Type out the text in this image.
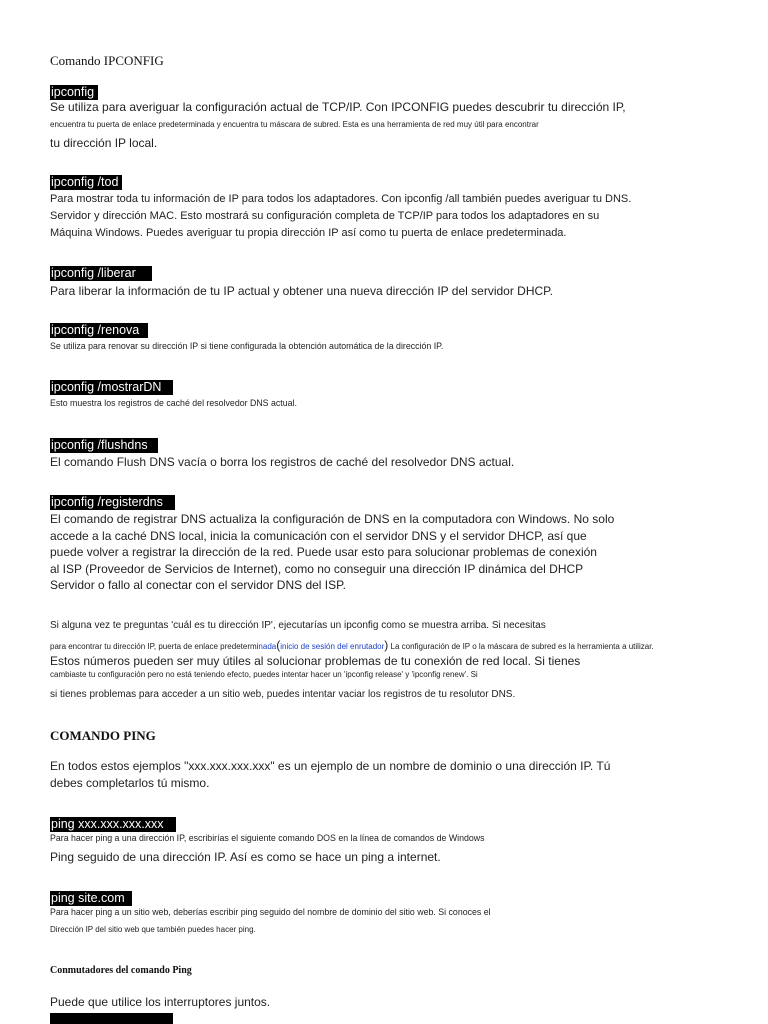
Comando IPCONFIG
ipconfig
Se utiliza para averiguar la configuración actual de TCP/IP. Con IPCONFIG puedes descubrir tu dirección IP,
encuentra tu puerta de enlace predeterminada y encuentra tu máscara de subred. Esta es una herramienta de red muy útil para encontrar
tu dirección IP local.
ipconfig /tod
Para mostrar toda tu información de IP para todos los adaptadores. Con ipconfig /all también puedes averiguar tu DNS.
Servidor y dirección MAC. Esto mostrará su configuración completa de TCP/IP para todos los adaptadores en su
Máquina Windows. Puedes averiguar tu propia dirección IP así como tu puerta de enlace predeterminada.
ipconfig /liberar
Para liberar la información de tu IP actual y obtener una nueva dirección IP del servidor DHCP.
ipconfig /renova
Se utiliza para renovar su dirección IP si tiene configurada la obtención automática de la dirección IP.
ipconfig /mostrarDN
Esto muestra los registros de caché del resolvedor DNS actual.
ipconfig /flushdns
El comando Flush DNS vacía o borra los registros de caché del resolvedor DNS actual.
ipconfig /registerdns
El comando de registrar DNS actualiza la configuración de DNS en la computadora con Windows. No solo
accede a la caché DNS local, inicia la comunicación con el servidor DNS y el servidor DHCP, así que
puede volver a registrar la dirección de la red. Puede usar esto para solucionar problemas de conexión
al ISP (Proveedor de Servicios de Internet), como no conseguir una dirección IP dinámica del DHCP
Servidor o fallo al conectar con el servidor DNS del ISP.
Si alguna vez te preguntas 'cuál es tu dirección IP', ejecutarías un ipconfig como se muestra arriba. Si necesitas
para encontrar tu dirección IP, puerta de enlace predeterminada(inicio de sesión del enrutador) La configuración de IP o la máscara de subred es la herramienta a utilizar.
Estos números pueden ser muy útiles al solucionar problemas de tu conexión de red local. Si tienes
cambiaste tu configuración pero no está teniendo efecto, puedes intentar hacer un 'ipconfig release' y 'ipconfig renew'. Si
si tienes problemas para acceder a un sitio web, puedes intentar vaciar los registros de tu resolutor DNS.
COMANDO PING
En todos estos ejemplos "xxx.xxx.xxx.xxx" es un ejemplo de un nombre de dominio o una dirección IP. Tú
debes completarlos tú mismo.
ping xxx.xxx.xxx.xxx
Para hacer ping a una dirección IP, escribirías el siguiente comando DOS en la línea de comandos de Windows
Ping seguido de una dirección IP. Así es como se hace un ping a internet.
ping site.com
Para hacer ping a un sitio web, deberías escribir ping seguido del nombre de dominio del sitio web. Si conoces el
Dirección IP del sitio web que también puedes hacer ping.
Conmutadores del comando Ping
Puede que utilice los interruptores juntos.
